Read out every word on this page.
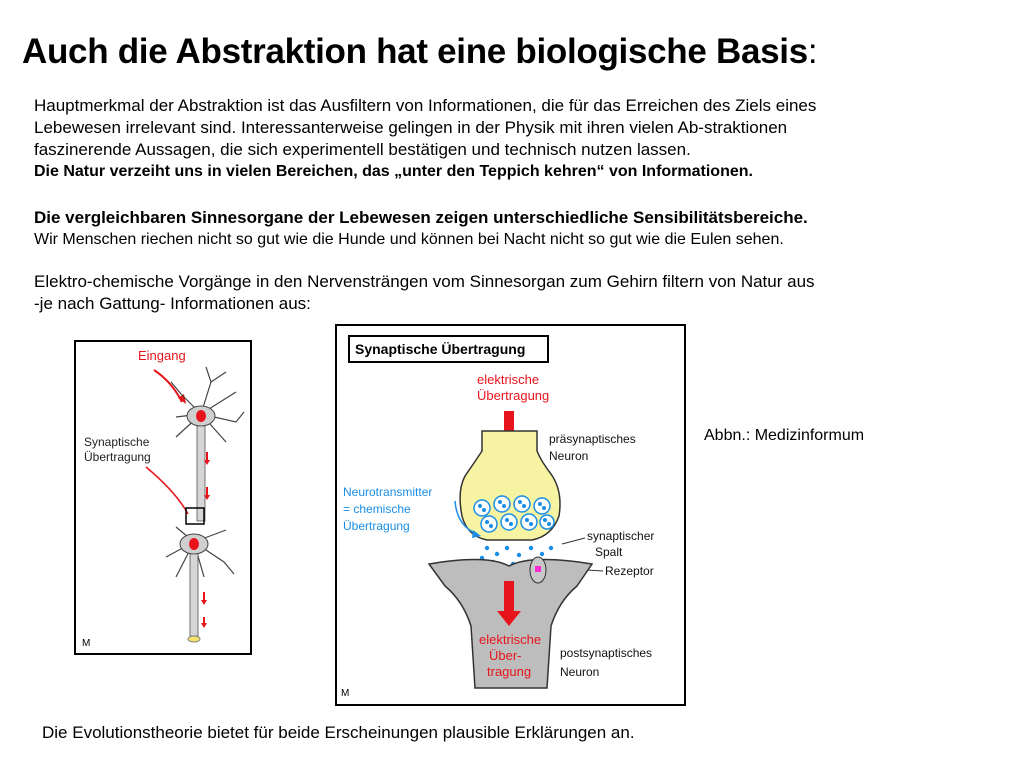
Auch die Abstraktion hat eine biologische Basis:
Hauptmerkmal der Abstraktion ist das Ausfiltern von Informationen, die für das Erreichen des Ziels eines
Lebewesen irrelevant sind. Interessanterweise gelingen in der Physik mit ihren vielen Ab-straktionen
faszinerende Aussagen, die sich experimentell bestätigen und technisch nutzen lassen.
Die Natur verzeiht uns in vielen Bereichen, das „unter den Teppich kehren“ von Informationen.
Die vergleichbaren Sinnesorgane der Lebewesen zeigen unterschiedliche Sensibilitätsbereiche.
Wir Menschen riechen nicht so gut wie die Hunde und können bei Nacht nicht so gut wie die Eulen sehen.
Elektro-chemische Vorgänge in den Nervensträngen vom Sinnesorgan zum Gehirn filtern von Natur aus
-je nach Gattung- Informationen aus:
Eingang
Synaptische
Übertragung
M
Synaptische Übertragung
elektrische
Übertragung
präsynaptisches
Neuron
Neurotransmitter
= chemische
Übertragung
synaptischer
Spalt
Rezeptor
elektrische
Über-
tragung
postsynaptisches
Neuron
M
Abbn.: Medizinformum
Die Evolutionstheorie bietet für beide Erscheinungen plausible Erklärungen an.
